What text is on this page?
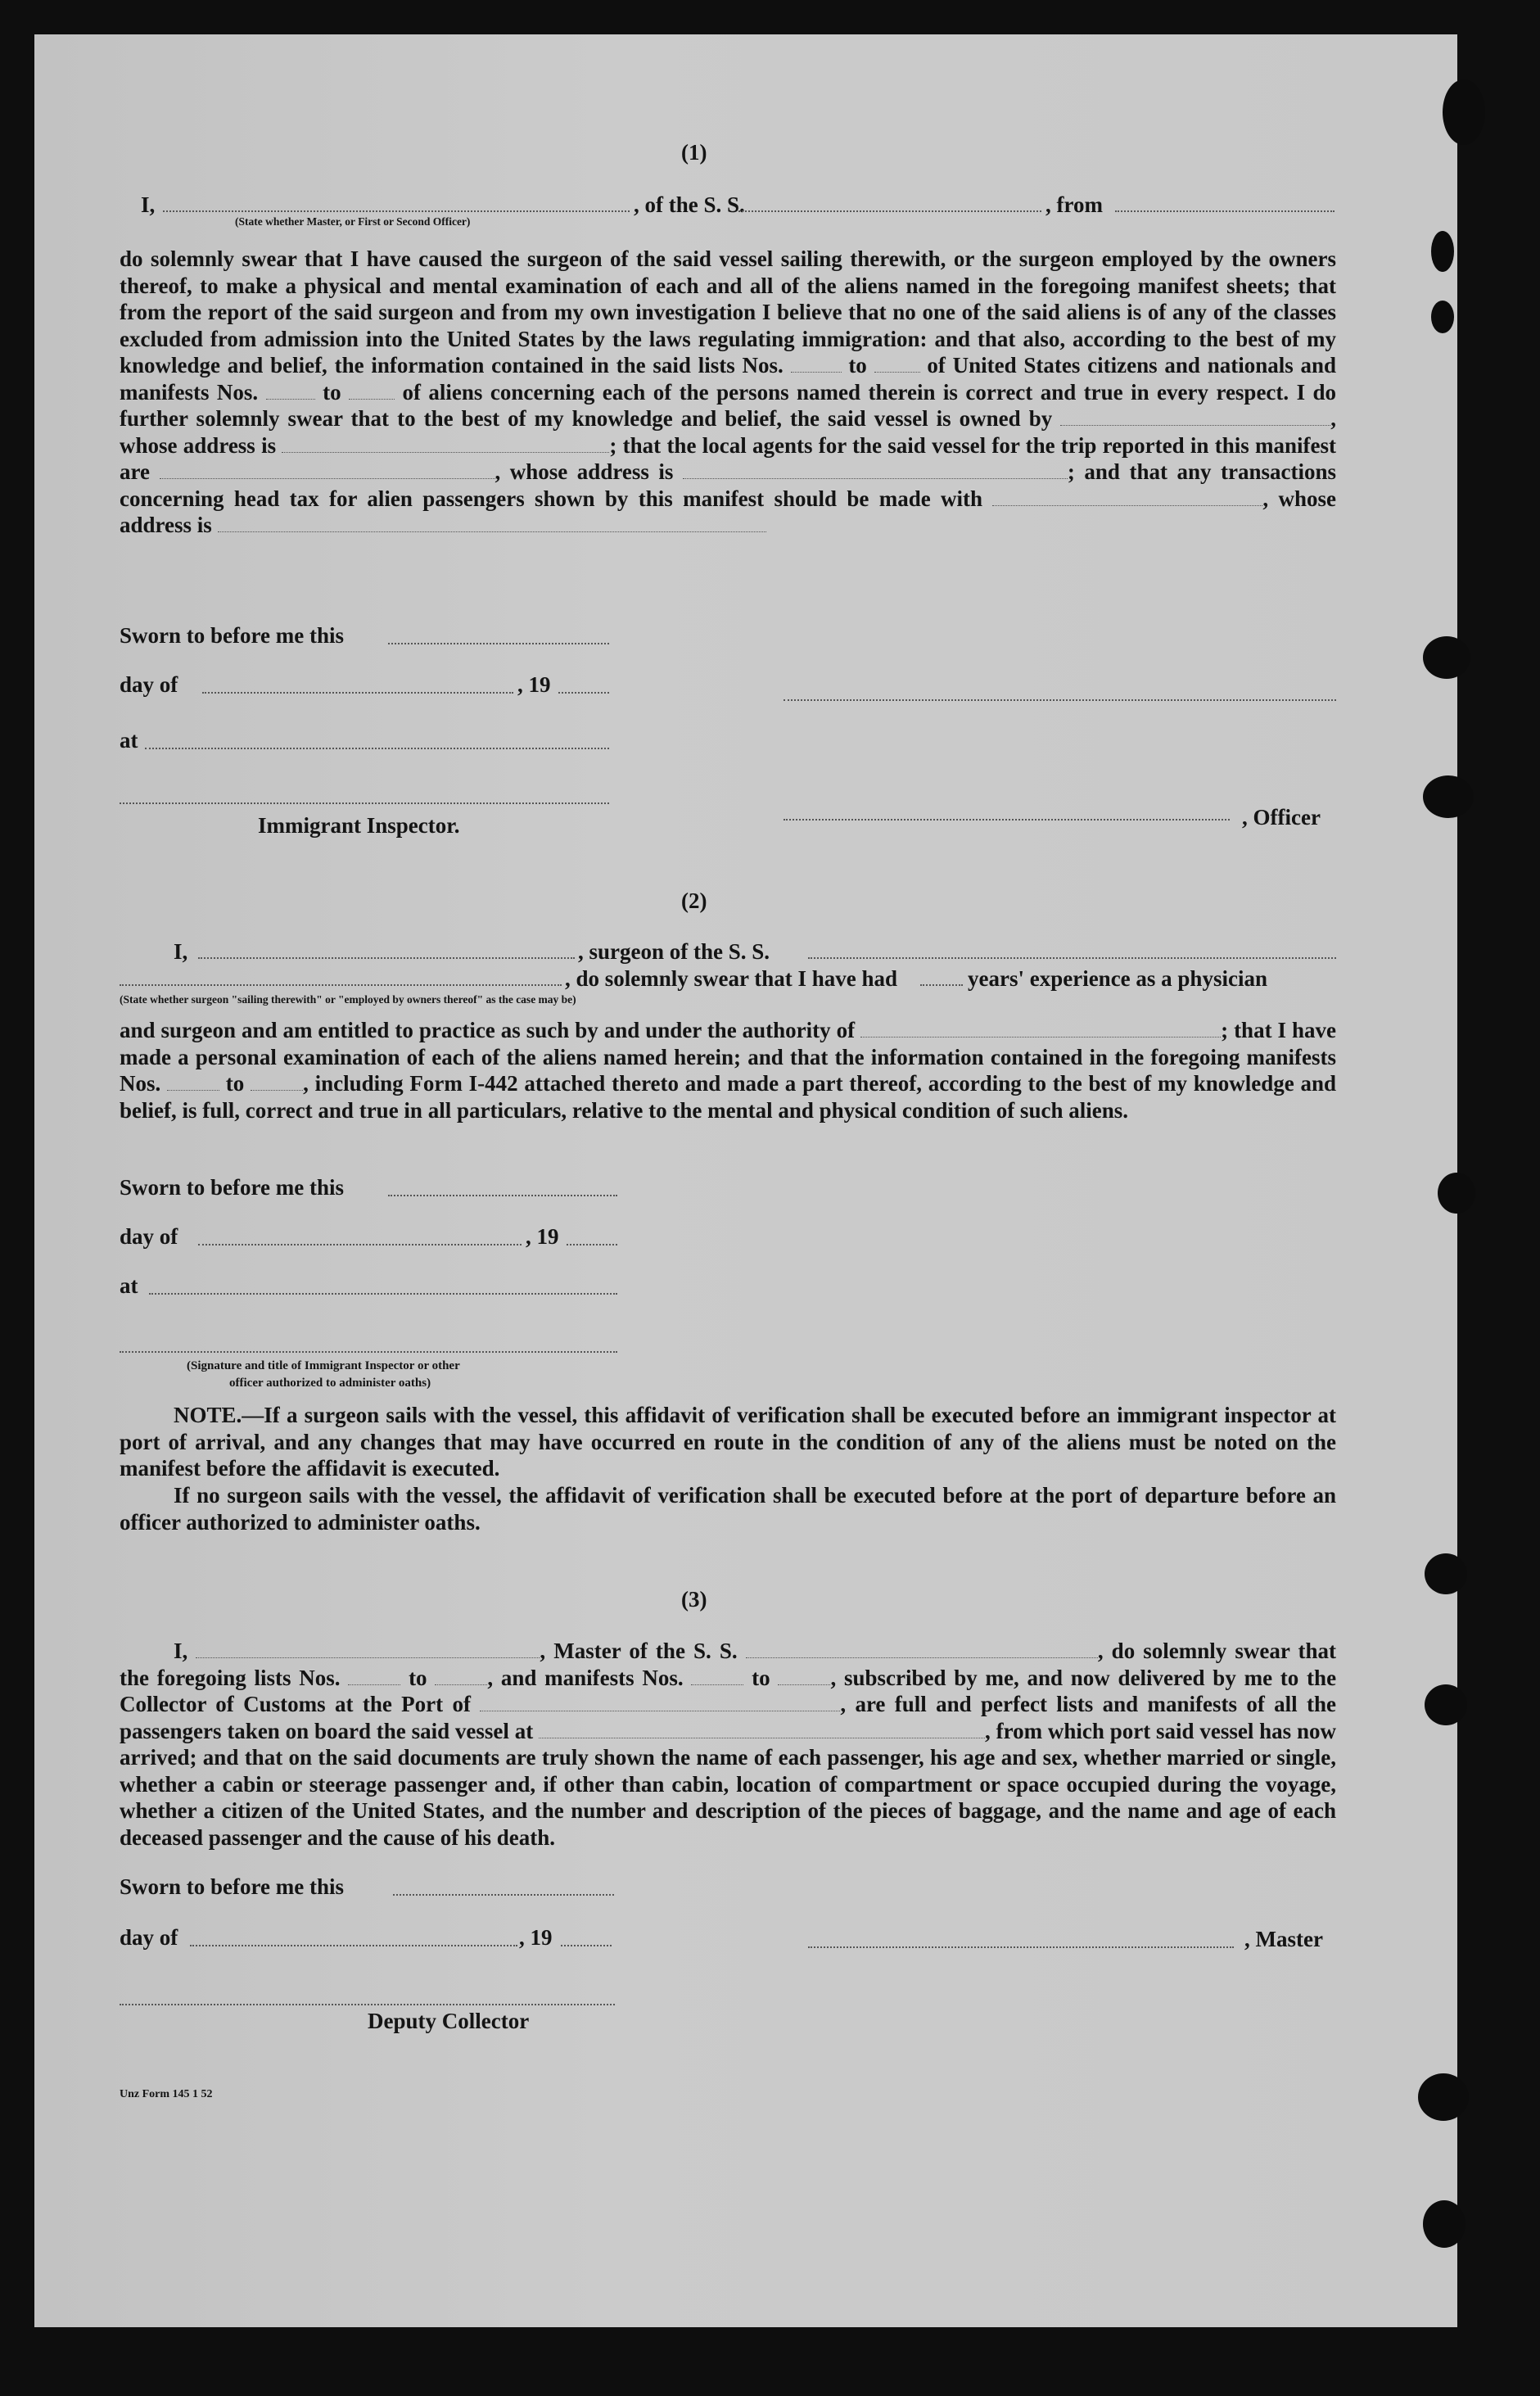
(1)
I,	, of the S. S.	, from
(State whether Master, or First or Second Officer)
do solemnly swear that I have caused the surgeon of the said vessel sailing therewith, or the surgeon employed by the owners thereof, to make a physical and mental examination of each and all of the aliens named in the foregoing manifest sheets; that from the report of the said surgeon and from my own investigation I believe that no one of the said aliens is of any of the classes excluded from admission into the United States by the laws regulating immigration: and that also, according to the best of my knowledge and belief, the information contained in the said lists Nos.	to	of United States citizens and nationals and manifests Nos.	to	of aliens concerning each of the persons named therein is correct and true in every respect. I do further solemnly swear that to the best of my knowledge and belief, the said vessel is owned by	, whose address is	; that the local agents for the said vessel for the trip reported in this manifest are	, whose address is	; and that any transactions concerning head tax for alien passengers shown by this manifest should be made with	, whose address is
Sworn to before me this
day of	, 19
at
, Officer
Immigrant Inspector.
(2)
I,	, surgeon of the S. S.
, do solemnly swear that I have had	years' experience as a physician
(State whether surgeon "sailing therewith" or "employed by owners thereof" as the case may be)
and surgeon and am entitled to practice as such by and under the authority of	; that I have made a personal examination of each of the aliens named herein; and that the information contained in the foregoing manifests Nos.	to	, including Form I-442 attached thereto and made a part thereof, according to the best of my knowledge and belief, is full, correct and true in all particulars, relative to the mental and physical condition of such aliens.
Sworn to before me this
day of	, 19
at
(Signature and title of Immigrant Inspector or other
officer authorized to administer oaths)
NOTE.—If a surgeon sails with the vessel, this affidavit of verification shall be executed before an immigrant inspector at port of arrival, and any changes that may have occurred en route in the condition of any of the aliens must be noted on the manifest before the affidavit is executed.
If no surgeon sails with the vessel, the affidavit of verification shall be executed before at the port of departure before an officer authorized to administer oaths.
(3)
I,	, Master of the S. S.	, do solemnly swear that the foregoing lists Nos.	to	, and manifests Nos.	to	, subscribed by me, and now delivered by me to the Collector of Customs at the Port of	, are full and perfect lists and manifests of all the passengers taken on board the said vessel at	, from which port said vessel has now arrived; and that on the said documents are truly shown the name of each passenger, his age and sex, whether married or single, whether a cabin or steerage passenger and, if other than cabin, location of compartment or space occupied during the voyage, whether a citizen of the United States, and the number and description of the pieces of baggage, and the name and age of each deceased passenger and the cause of his death.
Sworn to before me this
day of	, 19	, Master
Deputy Collector
Unz Form 145 1 52
